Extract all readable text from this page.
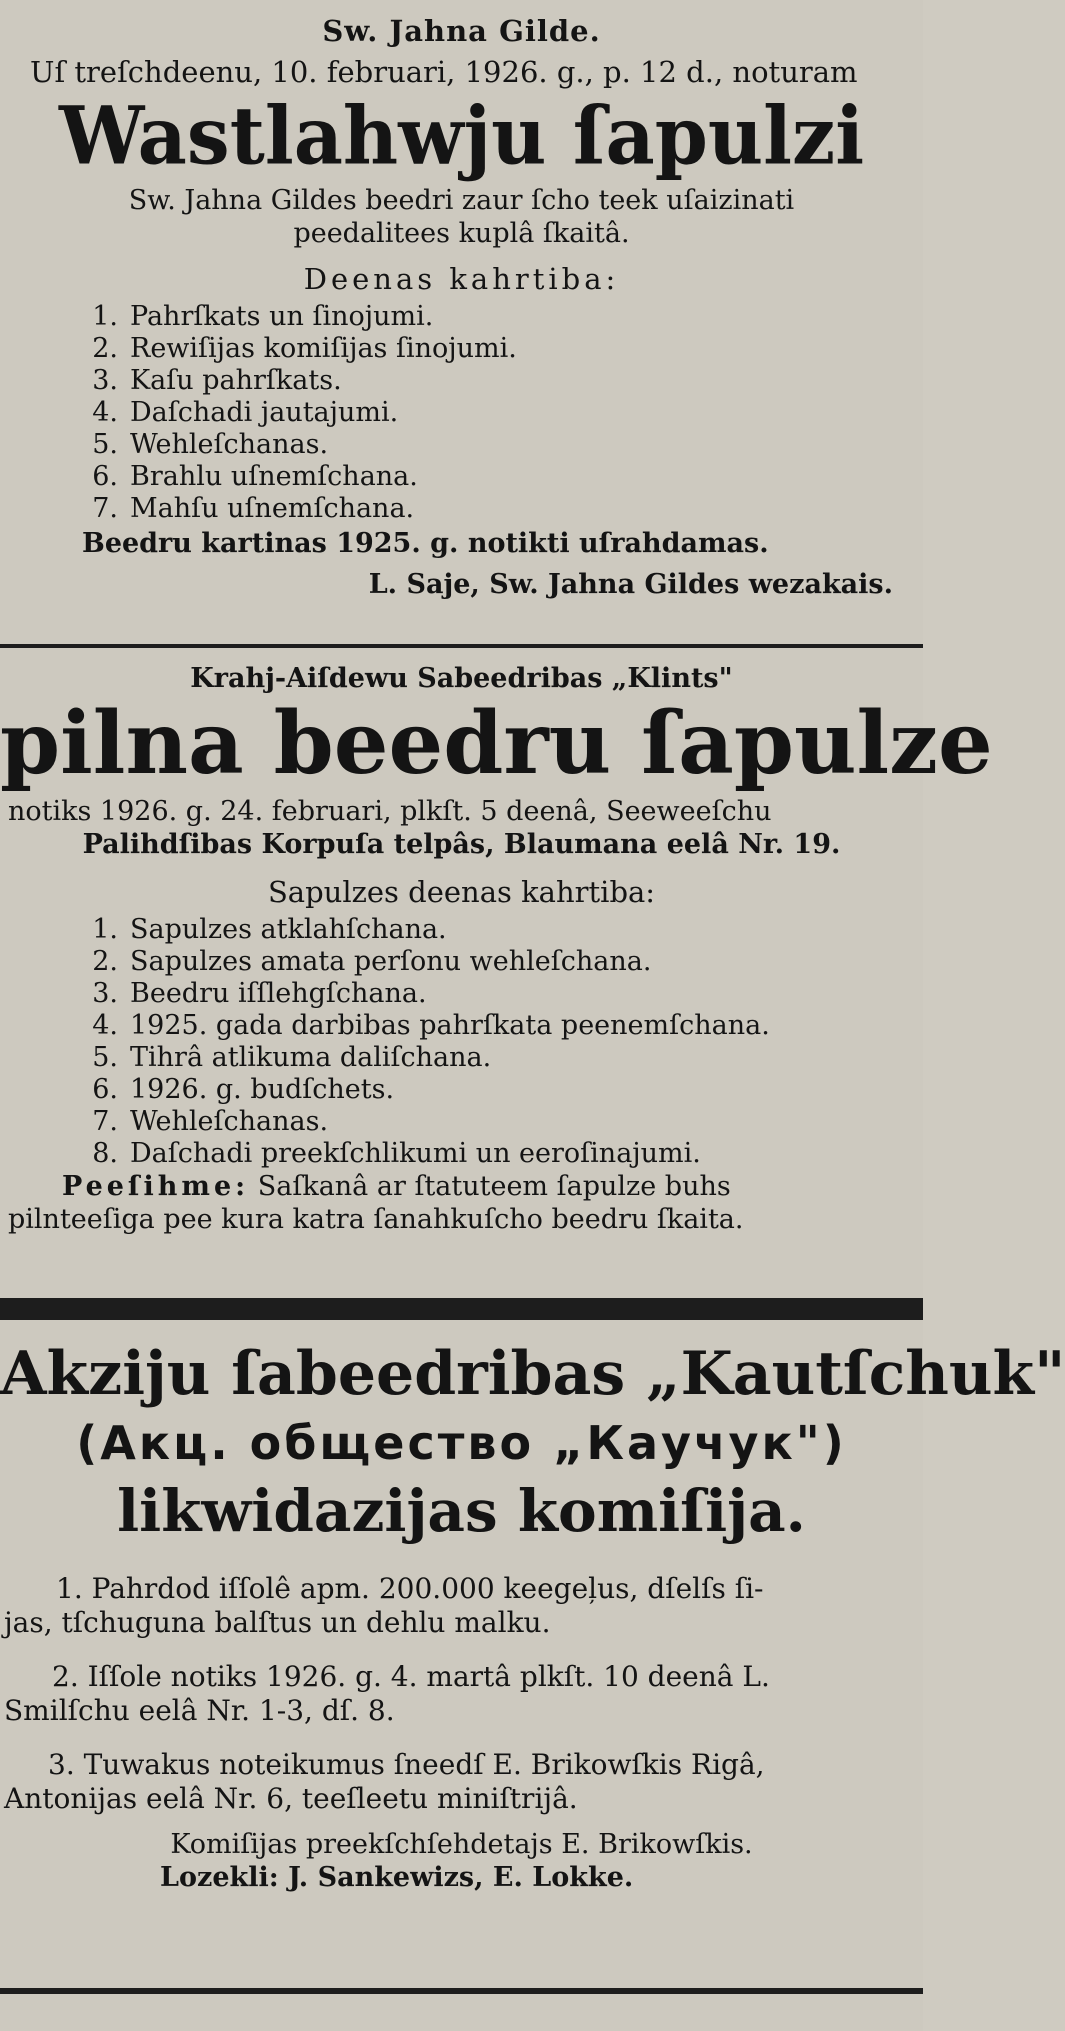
Sw. Jahna Gilde.
Uſ treſchdeenu, 10. februari, 1926. g., p. 12 d., noturam
Wastlahwju ſapulzi
Sw. Jahna Gildes beedri zaur ſcho teek uſaizinati
peedalitees kuplâ ſkaitâ.
Deenas kahrtiba:
1. Pahrſkats un ſinojumi.
2. Rewiſijas komiſijas ſinojumi.
3. Kaſu pahrſkats.
4. Daſchadi jautajumi.
5. Wehleſchanas.
6. Brahlu uſnemſchana.
7. Mahſu uſnemſchana.
Beedru kartinas 1925. g. notikti uſrahdamas.
L. Saje, Sw. Jahna Gildes wezakais.
Krahj-Aiſdewu Sabeedribas „Klints"
pilna beedru ſapulze
notiks 1926. g. 24. februari, plkſt. 5 deenâ, Seeweeſchu
Palihdſibas Korpuſa telpâs, Blaumana eelâ Nr. 19.
Sapulzes deenas kahrtiba:
1. Sapulzes atklahſchana.
2. Sapulzes amata perſonu wehleſchana.
3. Beedru iſſlehgſchana.
4. 1925. gada darbibas pahrſkata peenemſchana.
5. Tihrâ atlikuma daliſchana.
6. 1926. g. budſchets.
7. Wehleſchanas.
8. Daſchadi preekſchlikumi un eeroſinajumi.
Peeſihme: Saſkanâ ar ſtatuteem ſapulze buhs
pilntееſiga pee kura katra ſanahkuſcho beedru ſkaita.
Akziju ſabeedribas „Kautſchuk"
(Акц. общество „Каучук")
likwidazijas komiſija.
1. Pahrdod iſſolê apm. 200.000 keegeļus, dſelſs ſi-
jas, tſchuguna balſtus un dehlu malku.
2. Iſſole notiks 1926. g. 4. martâ plkſt. 10 deenâ L.
Smilſchu eelâ Nr. 1-3, dſ. 8.
3. Tuwakus noteikumus ſneedſ E. Brikowſkis Rigâ,
Antonijas eelâ Nr. 6, teeſleetu miniſtrijâ.
Komiſijas preekſchſehdetajs E. Brikowſkis.
Lozekli: J. Sankewizs, E. Lokke.
